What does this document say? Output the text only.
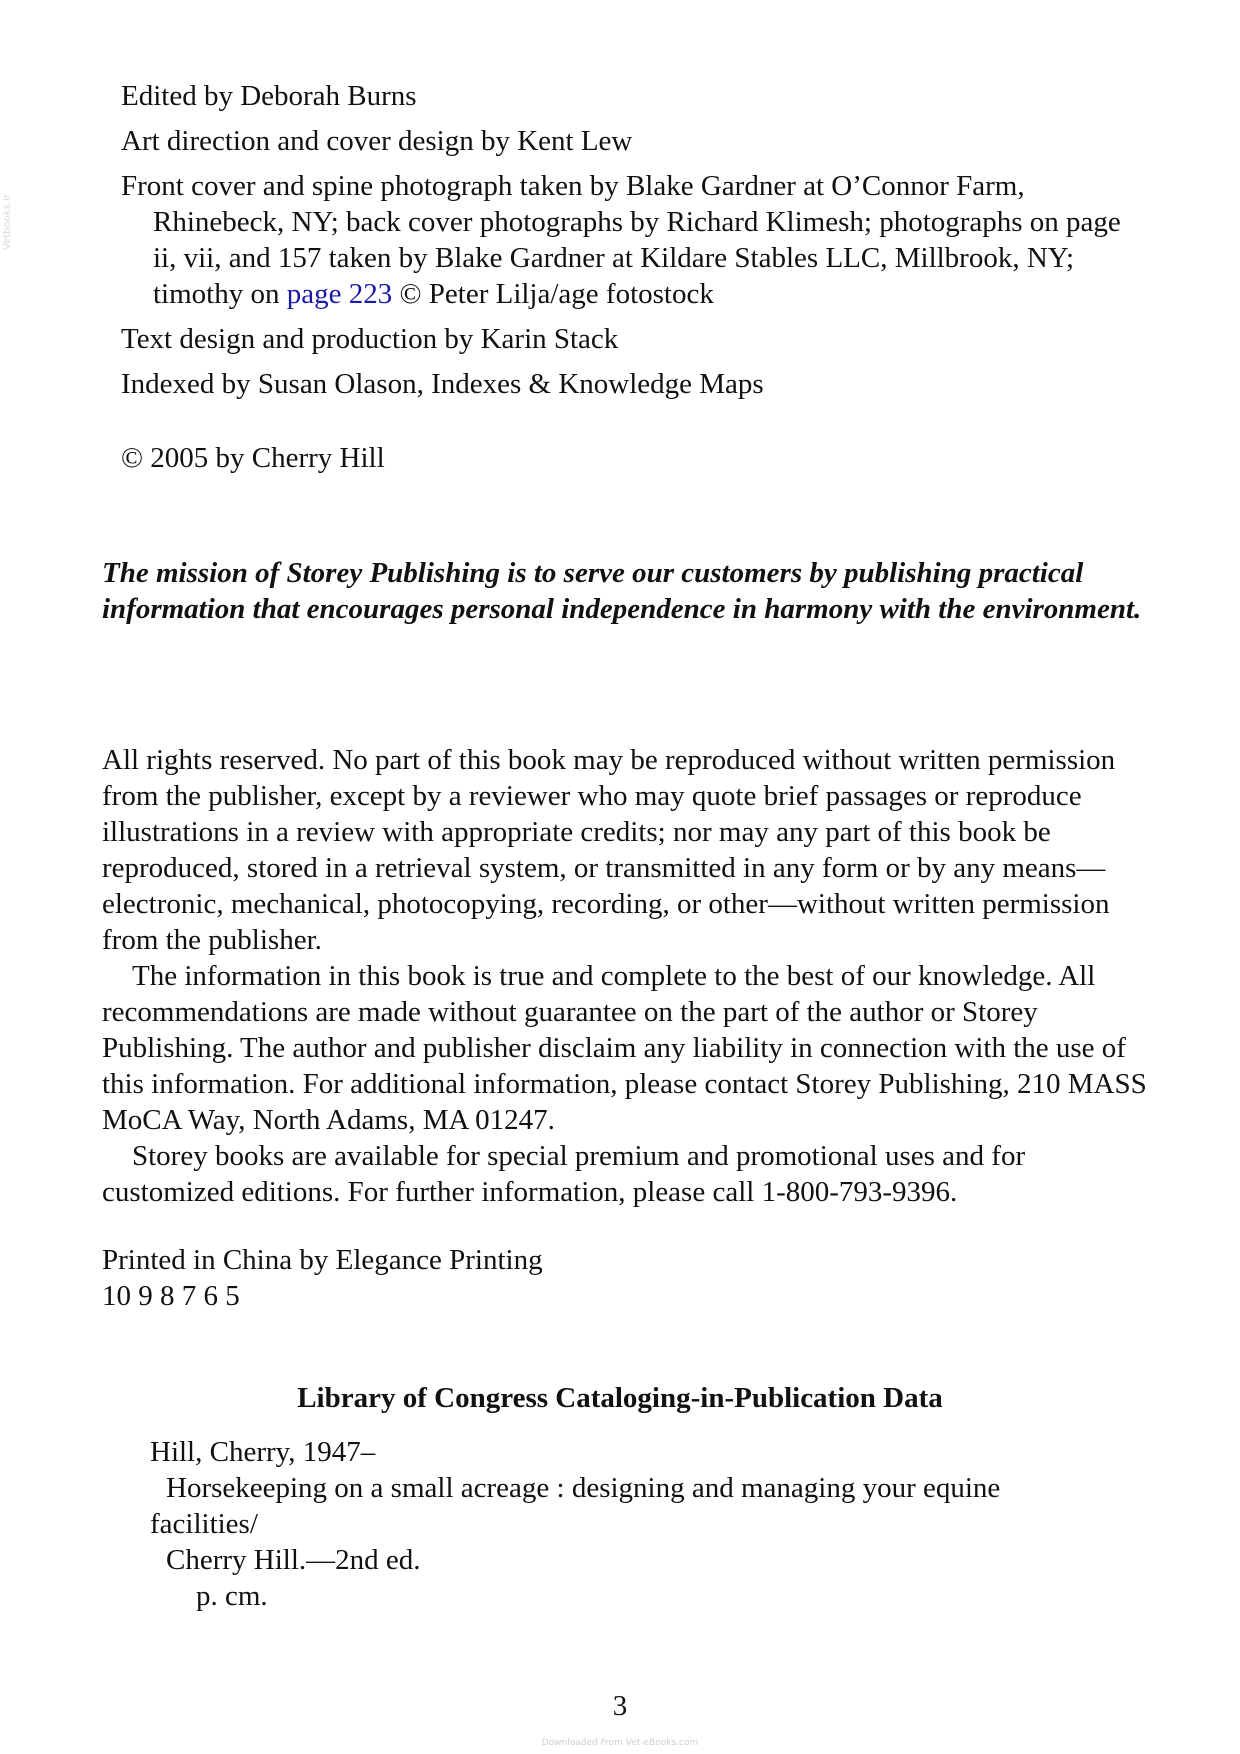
Vetbooks.ir

Edited by Deborah Burns

Art direction and cover design by Kent Lew

Front cover and spine photograph taken by Blake Gardner at O’Connor Farm, Rhinebeck, NY; back cover photographs by Richard Klimesh; photographs on page ii, vii, and 157 taken by Blake Gardner at Kildare Stables LLC, Millbrook, NY; timothy on page 223 © Peter Lilja/age fotostock

Text design and production by Karin Stack

Indexed by Susan Olason, Indexes & Knowledge Maps

© 2005 by Cherry Hill
The mission of Storey Publishing is to serve our customers by publishing practical information that encourages personal independence in harmony with the environment.

All rights reserved. No part of this book may be reproduced without written permission from the publisher, except by a reviewer who may quote brief passages or reproduce illustrations in a review with appropriate credits; nor may any part of this book be reproduced, stored in a retrieval system, or transmitted in any form or by any means—electronic, mechanical, photocopying, recording, or other—without written permission from the publisher.

The information in this book is true and complete to the best of our knowledge. All recommendations are made without guarantee on the part of the author or Storey Publishing. The author and publisher disclaim any liability in connection with the use of this information. For additional information, please contact Storey Publishing, 210 MASS MoCA Way, North Adams, MA 01247.

Storey books are available for special premium and promotional uses and for customized editions. For further information, please call 1-800-793-9396.

Printed in China by Elegance Printing
10 9 8 7 6 5
Library of Congress Cataloging-in-Publication Data
Hill, Cherry, 1947–
Horsekeeping on a small acreage : designing and managing your equine
facilities/
Cherry Hill.—2nd ed.
p. cm.
3
Downloaded From Vet-eBooks.com
